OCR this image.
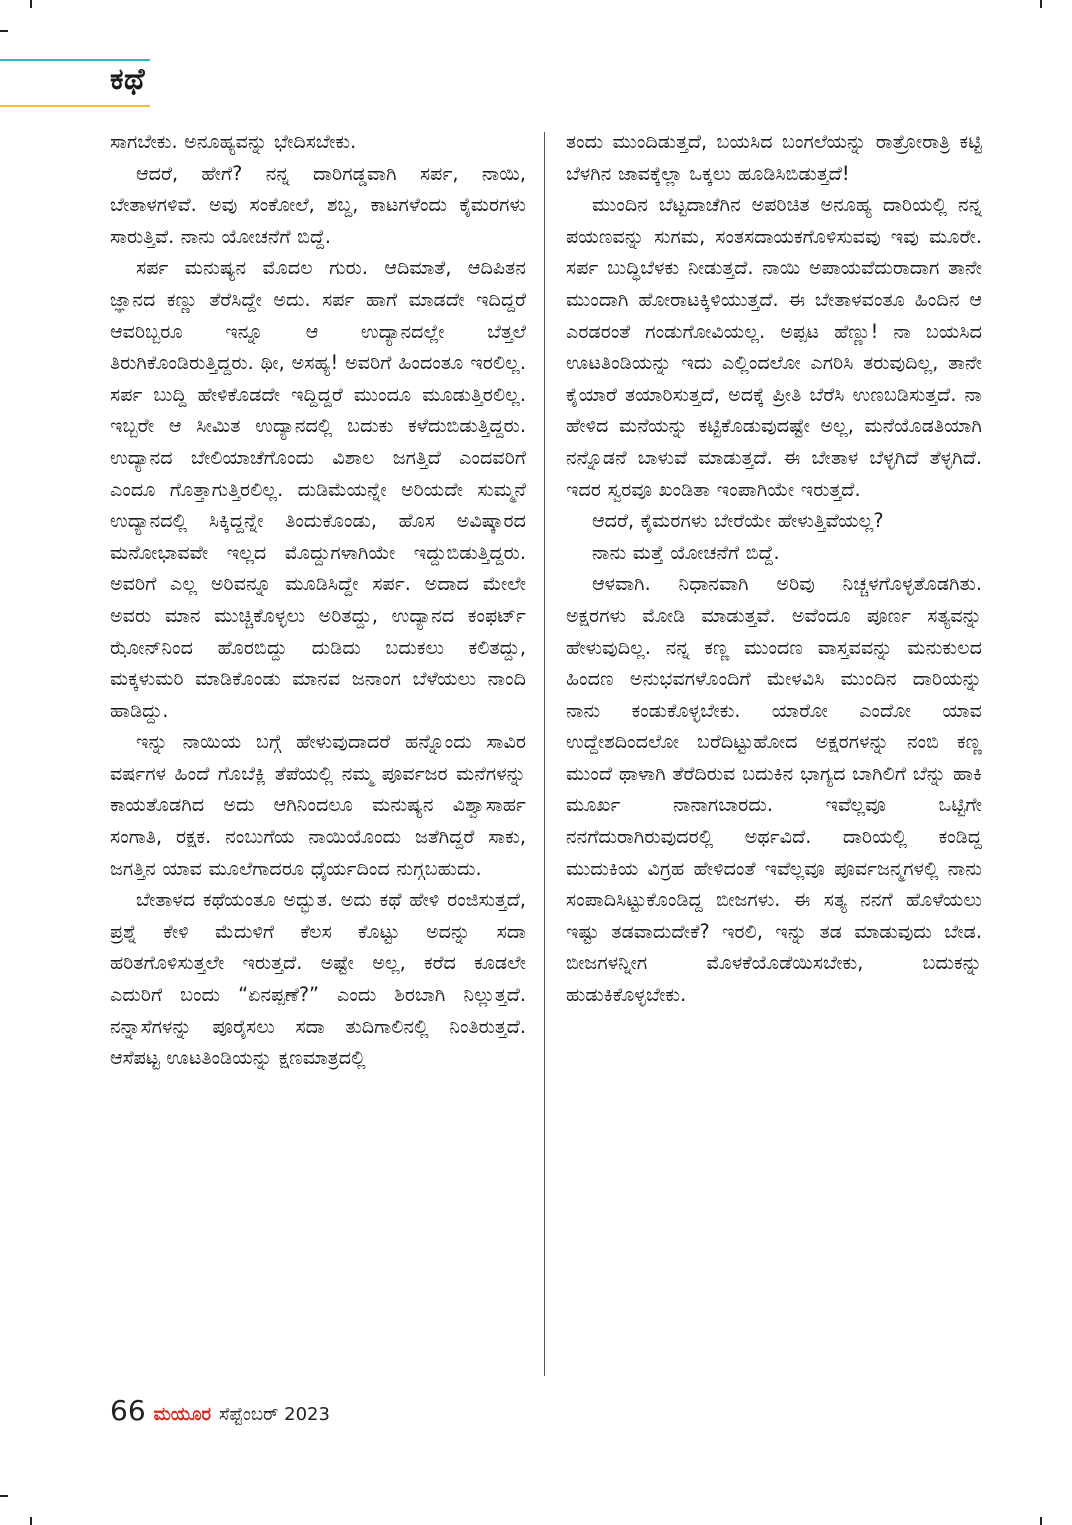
ಕಥೆ

ಸಾಗಬೇಕು. ಅನೂಹ್ಯವನ್ನು ಭೇದಿಸಬೇಕು.

ಆದರೆ, ಹೇಗೆ? ನನ್ನ ದಾರಿಗಡ್ಡವಾಗಿ ಸರ್ಪ, ನಾಯಿ, ಬೇತಾಳಗಳಿವೆ. ಅವು ಸಂಕೋಲೆ, ಶಬ್ದ, ಕಾಟಗಳೆಂದು ಕೈಮರಗಳು ಸಾರುತ್ತಿವೆ. ನಾನು ಯೋಚನೆಗೆ ಬಿದ್ದೆ.

ಸರ್ಪ ಮನುಷ್ಯನ ಮೊದಲ ಗುರು. ಆದಿಮಾತೆ, ಆದಿಪಿತನ ಜ್ಞಾನದ ಕಣ್ಣು ತೆರೆಸಿದ್ದೇ ಅದು. ಸರ್ಪ ಹಾಗೆ ಮಾಡದೇ ಇದಿದ್ದರೆ ಆವರಿಬ್ಬರೂ ಇನ್ನೂ ಆ ಉದ್ಯಾನದಲ್ಲೇ ಬೆತ್ತಲೆ ತಿರುಗಿಕೊಂಡಿರುತ್ತಿದ್ದರು. ಥೀ, ಅಸಹ್ಯ! ಅವರಿಗೆ ಹಿಂದಂತೂ ಇರಲಿಲ್ಲ. ಸರ್ಪ ಬುದ್ದಿ ಹೇಳಿಕೊಡದೇ ಇದ್ದಿದ್ದರೆ ಮುಂದೂ ಮೂಡುತ್ತಿರಲಿಲ್ಲ. ಇಬ್ಬರೇ ಆ ಸೀಮಿತ ಉದ್ಯಾನದಲ್ಲಿ ಬದುಕು ಕಳೆದುಬಿಡುತ್ತಿದ್ದರು. ಉದ್ಯಾನದ ಬೇಲಿಯಾಚೆಗೊಂದು ವಿಶಾಲ ಜಗತ್ತಿದೆ ಎಂದವರಿಗೆ ಎಂದೂ ಗೊತ್ತಾಗುತ್ತಿರಲಿಲ್ಲ. ದುಡಿಮೆಯನ್ನೇ ಅರಿಯದೇ ಸುಮ್ಮನೆ ಉದ್ಯಾನದಲ್ಲಿ ಸಿಕ್ಕಿದ್ದನ್ನೇ ತಿಂದುಕೊಂಡು, ಹೊಸ ಅವಿಷ್ಕಾರದ ಮನೋಭಾವವೇ ಇಲ್ಲದ ಮೊದ್ದುಗಳಾಗಿಯೇ ಇದ್ದುಬಿಡುತ್ತಿದ್ದರು. ಅವರಿಗೆ ಎಲ್ಲ ಅರಿವನ್ನೂ ಮೂಡಿಸಿದ್ದೇ ಸರ್ಪ. ಅದಾದ ಮೇಲೇ ಅವರು ಮಾನ ಮುಚ್ಚಿಕೊಳ್ಳಲು ಅರಿತದ್ದು, ಉದ್ಯಾನದ ಕಂಫರ್ಟ್ ಝೋನ್‌ನಿಂದ ಹೊರಬಿದ್ದು ದುಡಿದು ಬದುಕಲು ಕಲಿತದ್ದು, ಮಕ್ಕಳುಮರಿ ಮಾಡಿಕೊಂಡು ಮಾನವ ಜನಾಂಗ ಬೆಳೆಯಲು ನಾಂದಿ ಹಾಡಿದ್ದು.

ಇನ್ನು ನಾಯಿಯ ಬಗ್ಗೆ ಹೇಳುವುದಾದರೆ ಹನ್ನೊಂದು ಸಾವಿರ ವರ್ಷಗಳ ಹಿಂದೆ ಗೊಬೆಕ್ಲಿ ತೆಪೆಯಲ್ಲಿ ನಮ್ಮ ಪೂರ್ವಜರ ಮನೆಗಳನ್ನು ಕಾಯತೊಡಗಿದ ಅದು ಆಗಿನಿಂದಲೂ ಮನುಷ್ಯನ ವಿಶ್ವಾಸಾರ್ಹ ಸಂಗಾತಿ, ರಕ್ಷಕ. ನಂಬುಗೆಯ ನಾಯಿಯೊಂದು ಜತೆಗಿದ್ದರೆ ಸಾಕು, ಜಗತ್ತಿನ ಯಾವ ಮೂಲೆಗಾದರೂ ಧೈರ್ಯದಿಂದ ನುಗ್ಗಬಹುದು.

ಬೇತಾಳದ ಕಥೆಯಂತೂ ಅದ್ಭುತ. ಅದು ಕಥೆ ಹೇಳಿ ರಂಜಿಸುತ್ತದೆ, ಪ್ರಶ್ನೆ ಕೇಳಿ ಮೆದುಳಿಗೆ ಕೆಲಸ ಕೊಟ್ಟು ಅದನ್ನು ಸದಾ ಹರಿತಗೊಳಿಸುತ್ತಲೇ ಇರುತ್ತದೆ. ಅಷ್ಟೇ ಅಲ್ಲ, ಕರೆದ ಕೂಡಲೇ ಎದುರಿಗೆ ಬಂದು “ಏನಪ್ಪಣೆ?” ಎಂದು ಶಿರಬಾಗಿ ನಿಲ್ಲುತ್ತದೆ. ನನ್ನಾಸೆಗಳನ್ನು ಪೂರೈಸಲು ಸದಾ ತುದಿಗಾಲಿನಲ್ಲಿ ನಿಂತಿರುತ್ತದೆ. ಆಸೆಪಟ್ಟ ಊಟತಿಂಡಿಯನ್ನು ಕ್ಷಣಮಾತ್ರದಲ್ಲಿ

ತಂದು ಮುಂದಿಡುತ್ತದೆ, ಬಯಸಿದ ಬಂಗಲೆಯನ್ನು ರಾತ್ರೋರಾತ್ರಿ ಕಟ್ಟಿ ಬೆಳಗಿನ ಜಾವಕ್ಕೆಲ್ಲಾ ಒಕ್ಕಲು ಹೂಡಿಸಿಬಿಡುತ್ತದೆ!

ಮುಂದಿನ ಬೆಟ್ಟದಾಚೆಗಿನ ಅಪರಿಚಿತ ಅನೂಹ್ಯ ದಾರಿಯಲ್ಲಿ ನನ್ನ ಪಯಣವನ್ನು ಸುಗಮ, ಸಂತಸದಾಯಕಗೊಳಿಸುವವು ಇವು ಮೂರೇ. ಸರ್ಪ ಬುದ್ಧಿಬೆಳಕು ನೀಡುತ್ತದೆ. ನಾಯಿ ಅಪಾಯವೆದುರಾದಾಗ ತಾನೇ ಮುಂದಾಗಿ ಹೋರಾಟಕ್ಕಿಳಿಯುತ್ತದೆ. ಈ ಬೇತಾಳವಂತೂ ಹಿಂದಿನ ಆ ಎರಡರಂತೆ ಗಂಡುಗೋವಿಯಲ್ಲ. ಅಪ್ಪಟ ಹೆಣ್ಣು! ನಾ ಬಯಸಿದ ಊಟತಿಂಡಿಯನ್ನು ಇದು ಎಲ್ಲಿಂದಲೋ ಎಗರಿಸಿ ತರುವುದಿಲ್ಲ, ತಾನೇ ಕೈಯಾರೆ ತಯಾರಿಸುತ್ತದೆ, ಅದಕ್ಕೆ ಪ್ರೀತಿ ಬೆರೆಸಿ ಉಣಬಡಿಸುತ್ತದೆ. ನಾ ಹೇಳಿದ ಮನೆಯನ್ನು ಕಟ್ಟಿಕೊಡುವುದಷ್ಟೇ ಅಲ್ಲ, ಮನೆಯೊಡತಿಯಾಗಿ ನನ್ನೊಡನೆ ಬಾಳುವೆ ಮಾಡುತ್ತದೆ. ಈ ಬೇತಾಳ ಬೆಳ್ಳಗಿದೆ ತೆಳ್ಳಗಿದೆ. ಇದರ ಸ್ವರವೂ ಖಂಡಿತಾ ಇಂಪಾಗಿಯೇ ಇರುತ್ತದೆ.

ಆದರೆ, ಕೈಮರಗಳು ಬೇರೆಯೇ ಹೇಳುತ್ತಿವೆಯಲ್ಲ?

ನಾನು ಮತ್ತೆ ಯೋಚನೆಗೆ ಬಿದ್ದೆ.

ಆಳವಾಗಿ. ನಿಧಾನವಾಗಿ ಅರಿವು ನಿಚ್ಚಳಗೊಳ್ಳತೊಡಗಿತು. ಅಕ್ಷರಗಳು ಮೋಡಿ ಮಾಡುತ್ತವೆ. ಅವೆಂದೂ ಪೂರ್ಣ ಸತ್ಯವನ್ನು ಹೇಳುವುದಿಲ್ಲ. ನನ್ನ ಕಣ್ಣ ಮುಂದಣ ವಾಸ್ತವವನ್ನು ಮನುಕುಲದ ಹಿಂದಣ ಅನುಭವಗಳೊಂದಿಗೆ ಮೇಳವಿಸಿ ಮುಂದಿನ ದಾರಿಯನ್ನು ನಾನು ಕಂಡುಕೊಳ್ಳಬೇಕು. ಯಾರೋ ಎಂದೋ ಯಾವ ಉದ್ದೇಶದಿಂದಲೋ ಬರೆದಿಟ್ಟುಹೋದ ಅಕ್ಷರಗಳನ್ನು ನಂಬಿ ಕಣ್ಣ ಮುಂದೆ ಥಾಳಾಗಿ ತೆರೆದಿರುವ ಬದುಕಿನ ಭಾಗ್ಯದ ಬಾಗಿಲಿಗೆ ಬೆನ್ನು ಹಾಕಿ ಮೂರ್ಖ ನಾನಾಗಬಾರದು. ಇವೆಲ್ಲವೂ ಒಟ್ಟಿಗೇ ನನಗೆದುರಾಗಿರುವುದರಲ್ಲಿ ಅರ್ಥವಿದೆ. ದಾರಿಯಲ್ಲಿ ಕಂಡಿದ್ದ ಮುದುಕಿಯ ವಿಗ್ರಹ ಹೇಳಿದಂತೆ ಇವೆಲ್ಲವೂ ಪೂರ್ವಜನ್ಮಗಳಲ್ಲಿ ನಾನು ಸಂಪಾದಿಸಿಟ್ಟುಕೊಂಡಿದ್ದ ಬೀಜಗಳು. ಈ ಸತ್ಯ ನನಗೆ ಹೊಳೆಯಲು ಇಷ್ಟು ತಡವಾದುದೇಕೆ? ಇರಲಿ, ಇನ್ನು ತಡ ಮಾಡುವುದು ಬೇಡ. ಬೀಜಗಳನ್ನೀಗ ಮೊಳಕೆಯೊಡೆಯಿಸಬೇಕು, ಬದುಕನ್ನು ಹುಡುಕಿಕೊಳ್ಳಬೇಕು.

66 ಮಯೂರ ಸೆಪ್ಟೆಂಬರ್ 2023
